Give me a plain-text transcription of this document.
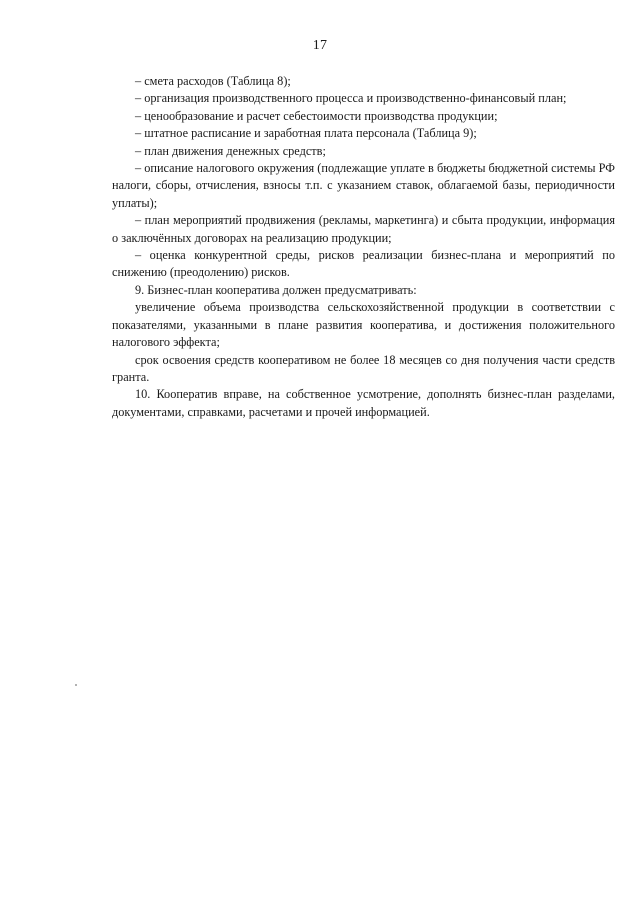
17

– смета расходов (Таблица 8);

– организация производственного процесса и производственно-финансовый план;

– ценообразование и расчет себестоимости производства продукции;

– штатное расписание и заработная плата персонала (Таблица 9);

– план движения денежных средств;

– описание налогового окружения (подлежащие уплате в бюджеты бюджетной системы РФ налоги, сборы, отчисления, взносы т.п. с указанием ставок, облагаемой базы, периодичности уплаты);

– план мероприятий продвижения (рекламы, маркетинга) и сбыта продукции, информация о заключённых договорах на реализацию продукции;

– оценка конкурентной среды, рисков реализации бизнес-плана и мероприятий по снижению (преодолению) рисков.

9. Бизнес-план кооператива должен предусматривать:

увеличение объема производства сельскохозяйственной продукции в соответствии с показателями, указанными в плане развития кооператива, и достижения положительного налогового эффекта;

срок освоения средств кооперативом не более 18 месяцев со дня получения части средств гранта.

10. Кооператив вправе, на собственное усмотрение, дополнять бизнес-план разделами, документами, справками, расчетами и прочей информацией.
